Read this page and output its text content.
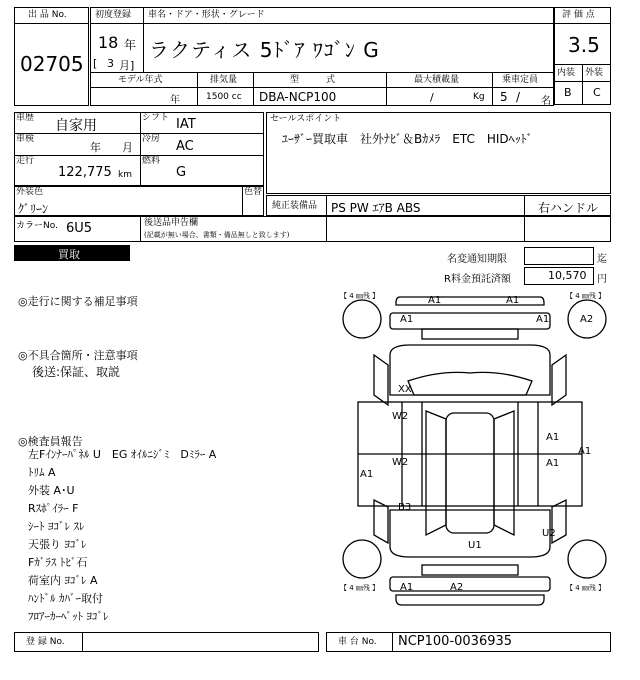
出 品 No.
02705
初度登録 車名・ドア・形状・グレード
18 年
[ 3 月]
ラクティス 5ﾄﾞｱ ﾜｺﾞﾝ G
評 価 点
3.5
内装 外装
B C
モデル年式	排気量	型　　　式	最大積載量	乗車定員
年	1500 cc DBA-NCP100	/	Kg 5 / 名
車歴 自家用	シフト IAT
車検
年 月
冷房 AC
走行
122,775 km
燃料
G
セールスポイント
ﾕｰｻﾞｰ買取車　社外ﾅﾋﾞ＆Bｶﾒﾗ　ETC　HIDﾍｯﾄﾞ
外装色
ｸﾞﾘｰﾝ
色替
純正装備品 PS PW ｴｱB ABS	右ハンドル
カラーNo. 6U5	後送品申告欄
(記載が無い場合、書類・備品無しと致します)
買取	名変通知期限	迄
R料金預託済額	10,570 円
◎走行に関する補足事項
◎不具合箇所・注意事項
後送:保証、取説
◎検査員報告
左Fｲﾝﾅｰﾊﾟﾈﾙ U　EG ｵｲﾙﾆｼﾞﾐ　Dﾐﾗｰ A
ﾄﾘﾑ A
外装 A･U
Rｽﾎﾟｲﾗｰ F
ｼｰﾄ ﾖｺﾞﾚ ｽﾚ
天張り ﾖｺﾞﾚ
Fｶﾞﾗｽ ﾄﾋﾞ石
荷室内 ﾖｺﾞﾚ A
ﾊﾝﾄﾞﾙ ｶﾊﾞｰ取付
ﾌﾛｱｰｶｰﾍﾟｯﾄ ﾖｺﾞﾚ
【 4 ㎜残 】	【 4 ㎜残 】
【 4 ㎜残 】	【 4 ㎜残 】
A1	A1
A1	A1	A2
XX
W2
W2
A1
B3
A1
A1
A1
U1
U2
A1	A2
登 録 No.	車 台 No. NCP100-0036935
